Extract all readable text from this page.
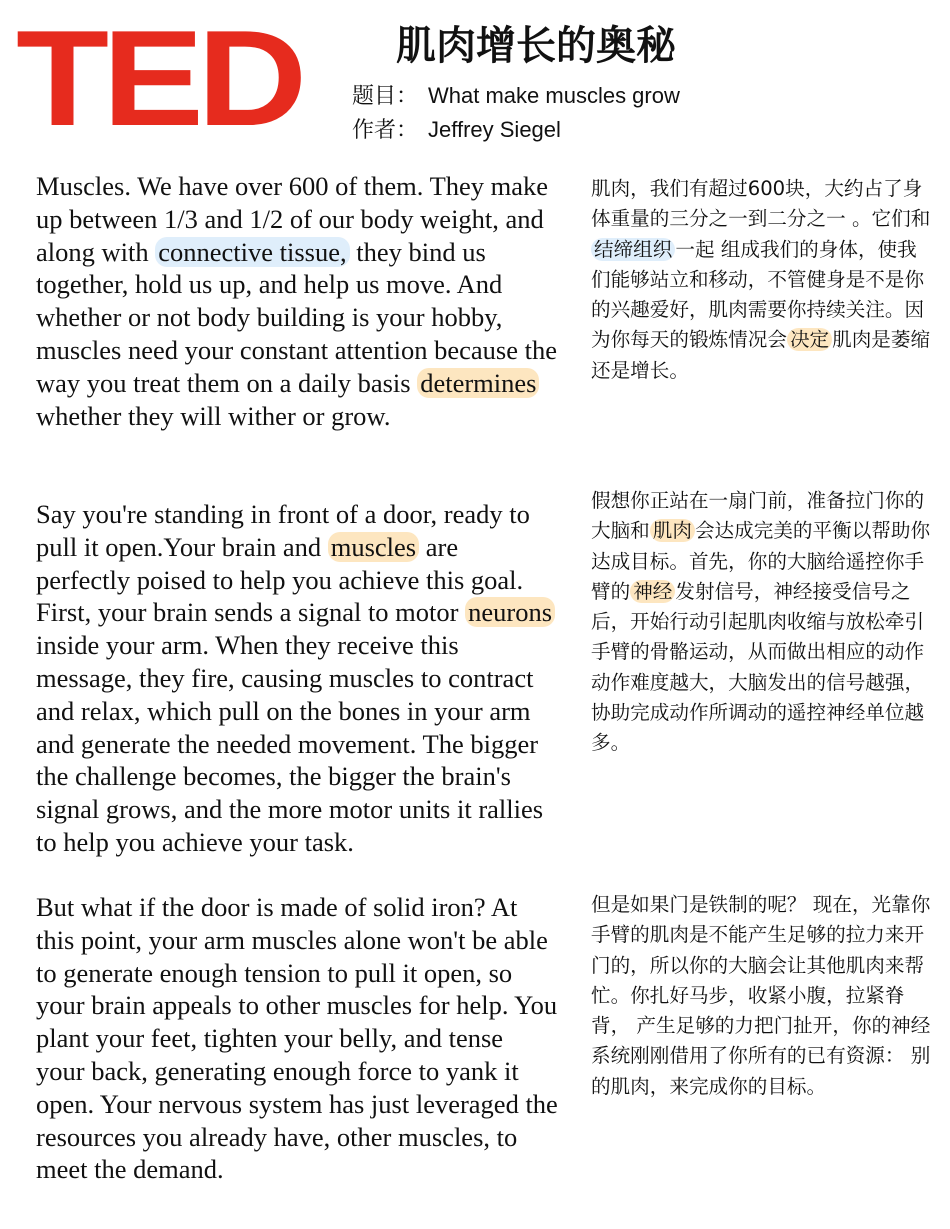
TED 肌肉增长的奥秘
题目： What make muscles grow
作者： Jeffrey Siegel

Muscles. We have over 600 of them. They make up between 1/3 and 1/2 of our body weight, and along with connective tissue, they bind us together, hold us up, and help us move. And whether or not body building is your hobby, muscles need your constant attention because the way you treat them on a daily basis determines whether they will wither or grow.

肌肉，我们有超过600块，大约占了身体重量的三分之一到二分之一 。它们和结缔组织 一起 组成我们的身体，使我们能够站立和移动，不管健身是不是你的兴趣爱好，肌肉需要你持续关注。因为你每天的锻炼情况会 决定 肌肉是萎缩还是增长。

Say you're standing in front of a door, ready to pull it open.Your brain and muscles are perfectly poised to help you achieve this goal. First, your brain sends a signal to motor neurons inside your arm. When they receive this message, they fire, causing muscles to contract and relax, which pull on the bones in your arm and generate the needed movement. The bigger the challenge becomes, the bigger the brain's signal grows, and the more motor units it rallies to help you achieve your task.

假想你正站在一扇门前，准备拉门你的大脑和 肌肉 会达成完美的平衡以帮助你达成目标。首先，你的大脑给遥控你手臂的 神经 发射信号，神经接受信号之后，开始行动引起肌肉收缩与放松牵引手臂的骨骼运动，从而做出相应的动作动作难度越大，大脑发出的信号越强，协助完成动作所调动的遥控神经单位越多。

But what if the door is made of solid iron? At this point, your arm muscles alone won't be able to generate enough tension to pull it open, so your brain appeals to other muscles for help. You plant your feet, tighten your belly, and tense your back, generating enough force to yank it open. Your nervous system has just leveraged the resources you already have, other muscles, to meet the demand.

但是如果门是铁制的呢？ 现在，光靠你手臂的肌肉是不能产生足够的拉力来开门的，所以你的大脑会让其他肌肉来帮忙。你扎好马步，收紧小腹，拉紧脊背， 产生足够的力把门扯开，你的神经系统刚刚借用了你所有的已有资源： 别的肌肉，来完成你的目标。
